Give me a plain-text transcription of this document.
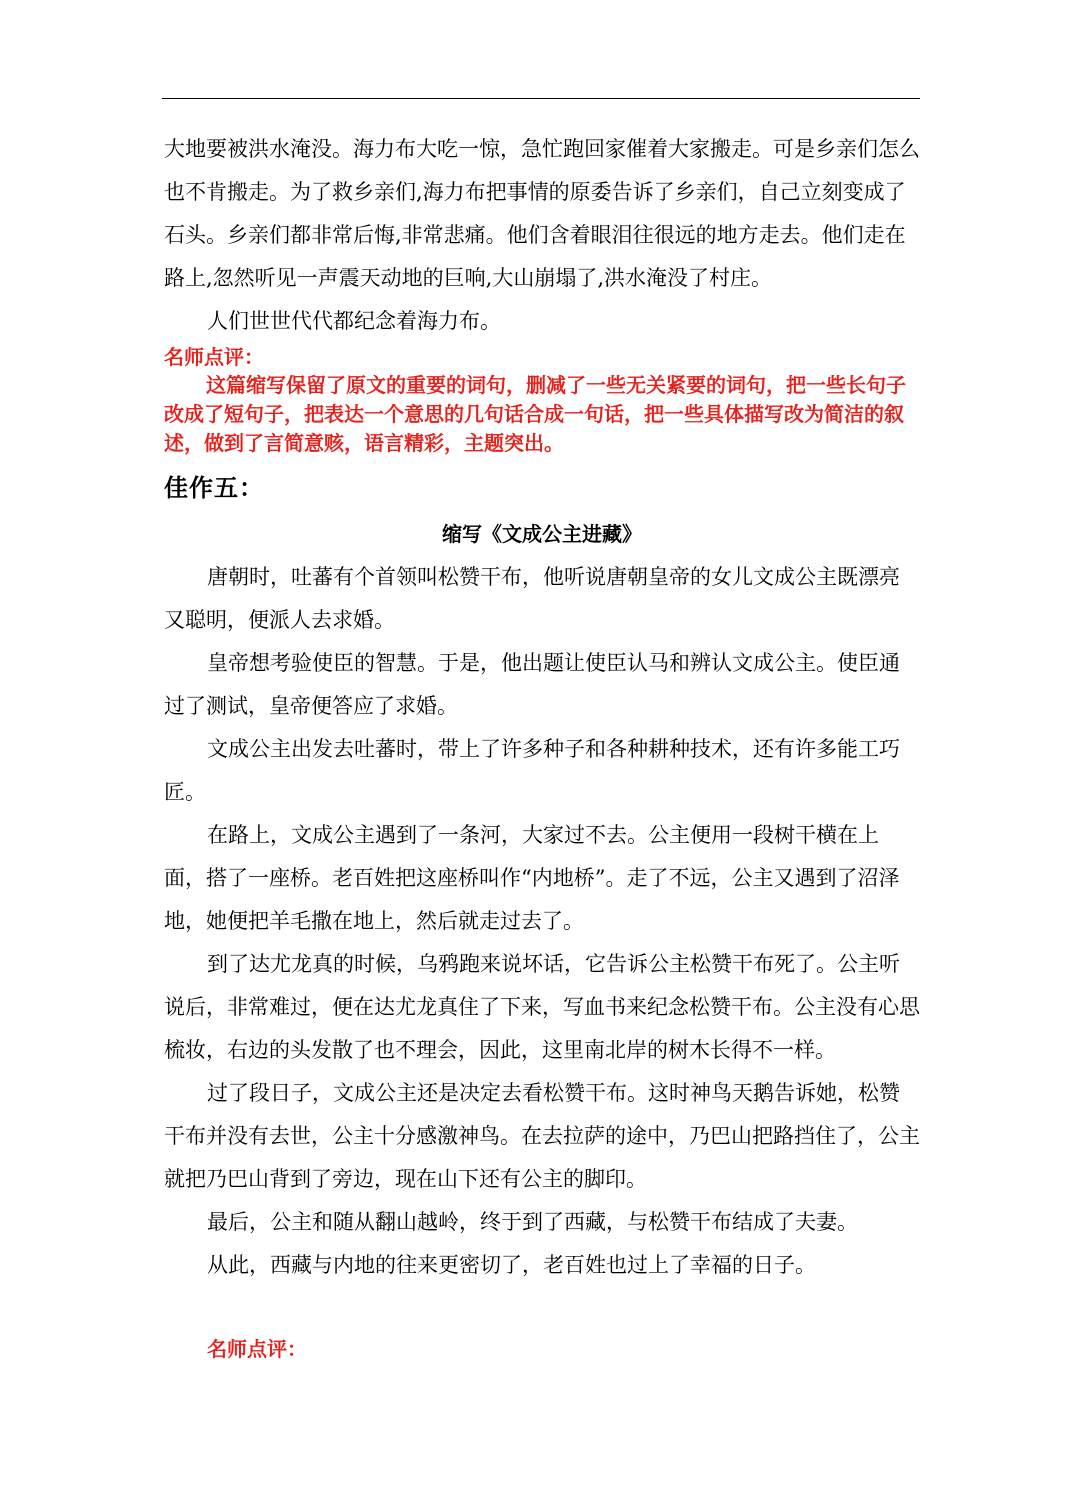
大地要被洪水淹没。海力布大吃一惊，急忙跑回家催着大家搬走。可是乡亲们怎么也不肯搬走。为了救乡亲们,海力布把事情的原委告诉了乡亲们，自己立刻变成了石头。乡亲们都非常后悔,非常悲痛。他们含着眼泪往很远的地方走去。他们走在路上,忽然听见一声震天动地的巨响,大山崩塌了,洪水淹没了村庄。

人们世世代代都纪念着海力布。

名师点评：

这篇缩写保留了原文的重要的词句，删减了一些无关紧要的词句，把一些长句子改成了短句子，把表达一个意思的几句话合成一句话，把一些具体描写改为简洁的叙述，做到了言简意赅，语言精彩，主题突出。

佳作五：
缩写《文成公主进藏》

唐朝时，吐蕃有个首领叫松赞干布，他听说唐朝皇帝的女儿文成公主既漂亮又聪明，便派人去求婚。

皇帝想考验使臣的智慧。于是，他出题让使臣认马和辨认文成公主。使臣通过了测试，皇帝便答应了求婚。

文成公主出发去吐蕃时，带上了许多种子和各种耕种技术，还有许多能工巧匠。

在路上，文成公主遇到了一条河，大家过不去。公主便用一段树干横在上面，搭了一座桥。老百姓把这座桥叫作“内地桥”。走了不远，公主又遇到了沼泽地，她便把羊毛撒在地上，然后就走过去了。

到了达尤龙真的时候，乌鸦跑来说坏话，它告诉公主松赞干布死了。公主听说后，非常难过，便在达尤龙真住了下来，写血书来纪念松赞干布。公主没有心思梳妆，右边的头发散了也不理会，因此，这里南北岸的树木长得不一样。

过了段日子，文成公主还是决定去看松赞干布。这时神鸟天鹅告诉她，松赞干布并没有去世，公主十分感激神鸟。在去拉萨的途中，乃巴山把路挡住了，公主就把乃巴山背到了旁边，现在山下还有公主的脚印。

最后，公主和随从翻山越岭，终于到了西藏，与松赞干布结成了夫妻。

从此，西藏与内地的往来更密切了，老百姓也过上了幸福的日子。

名师点评：
